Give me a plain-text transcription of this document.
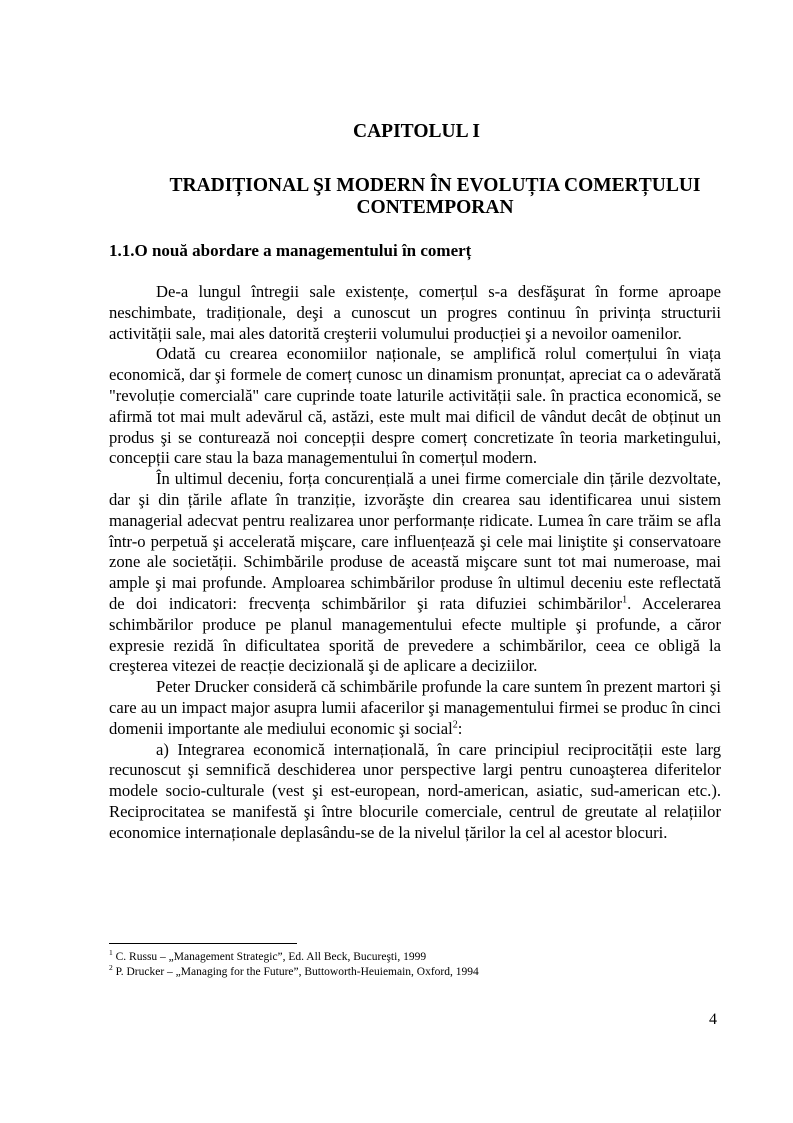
CAPITOLUL I
TRADIȚIONAL ŞI MODERN ÎN EVOLUȚIA COMERȚULUI
CONTEMPORAN
1.1.O nouă abordare a managementului în comerț

De-a lungul întregii sale existențe, comerțul s-a desfăşurat în forme aproape neschimbate, tradiționale, deşi a cunoscut un progres continuu în privința structurii activității sale, mai ales datorită creşterii volumului producției şi a nevoilor oamenilor.

Odată cu crearea economiilor naționale, se amplifică rolul comerțului în viața economică, dar şi formele de comerț cunosc un dinamism pronunțat, apreciat ca o adevărată "revoluție comercială" care cuprinde toate laturile activității sale. în practica economică, se afirmă tot mai mult adevărul că, astăzi, este mult mai dificil de vândut decât de obținut un produs şi se conturează noi concepții despre comerț concretizate în teoria marketingului, concepții care stau la baza managementului în comerțul modern.

În ultimul deceniu, forța concurențială a unei firme comerciale din țările dezvoltate, dar şi din țările aflate în tranziție, izvorăşte din crearea sau identificarea unui sistem managerial adecvat pentru realizarea unor performanțe ridicate. Lumea în care trăim se afla într-o perpetuă şi accelerată mişcare, care influențează şi cele mai liniştite şi conservatoare zone ale societății. Schimbările produse de această mişcare sunt tot mai numeroase, mai ample şi mai profunde. Amploarea schimbărilor produse în ultimul deceniu este reflectată de doi indicatori: frecvența schimbărilor şi rata difuziei schimbărilor$^1$. Accelerarea schimbărilor produce pe planul managementului efecte multiple şi profunde, a căror expresie rezidă în dificultatea sporită de prevedere a schimbărilor, ceea ce obligă la creşterea vitezei de reacție decizională şi de aplicare a deciziilor.

Peter Drucker consideră că schimbările profunde la care suntem în prezent martori şi care au un impact major asupra lumii afacerilor şi managementului firmei se produc în cinci domenii importante ale mediului economic şi social$^2$:

a) Integrarea economică internațională, în care principiul reciprocității este larg recunoscut şi semnifică deschiderea unor perspective largi pentru cunoaşterea diferitelor modele socio-culturale (vest şi est-european, nord-american, asiatic, sud-american etc.). Reciprocitatea se manifestă şi între blocurile comerciale, centrul de greutate al relațiilor economice internaționale deplasându-se de la nivelul țărilor la cel al acestor blocuri.

$^1$ C. Russu – „Management Strategic”, Ed. All Beck, Bucureşti, 1999
$^2$ P. Drucker – „Managing for the Future”, Buttoworth-Heuiemain, Oxford, 1994
4
